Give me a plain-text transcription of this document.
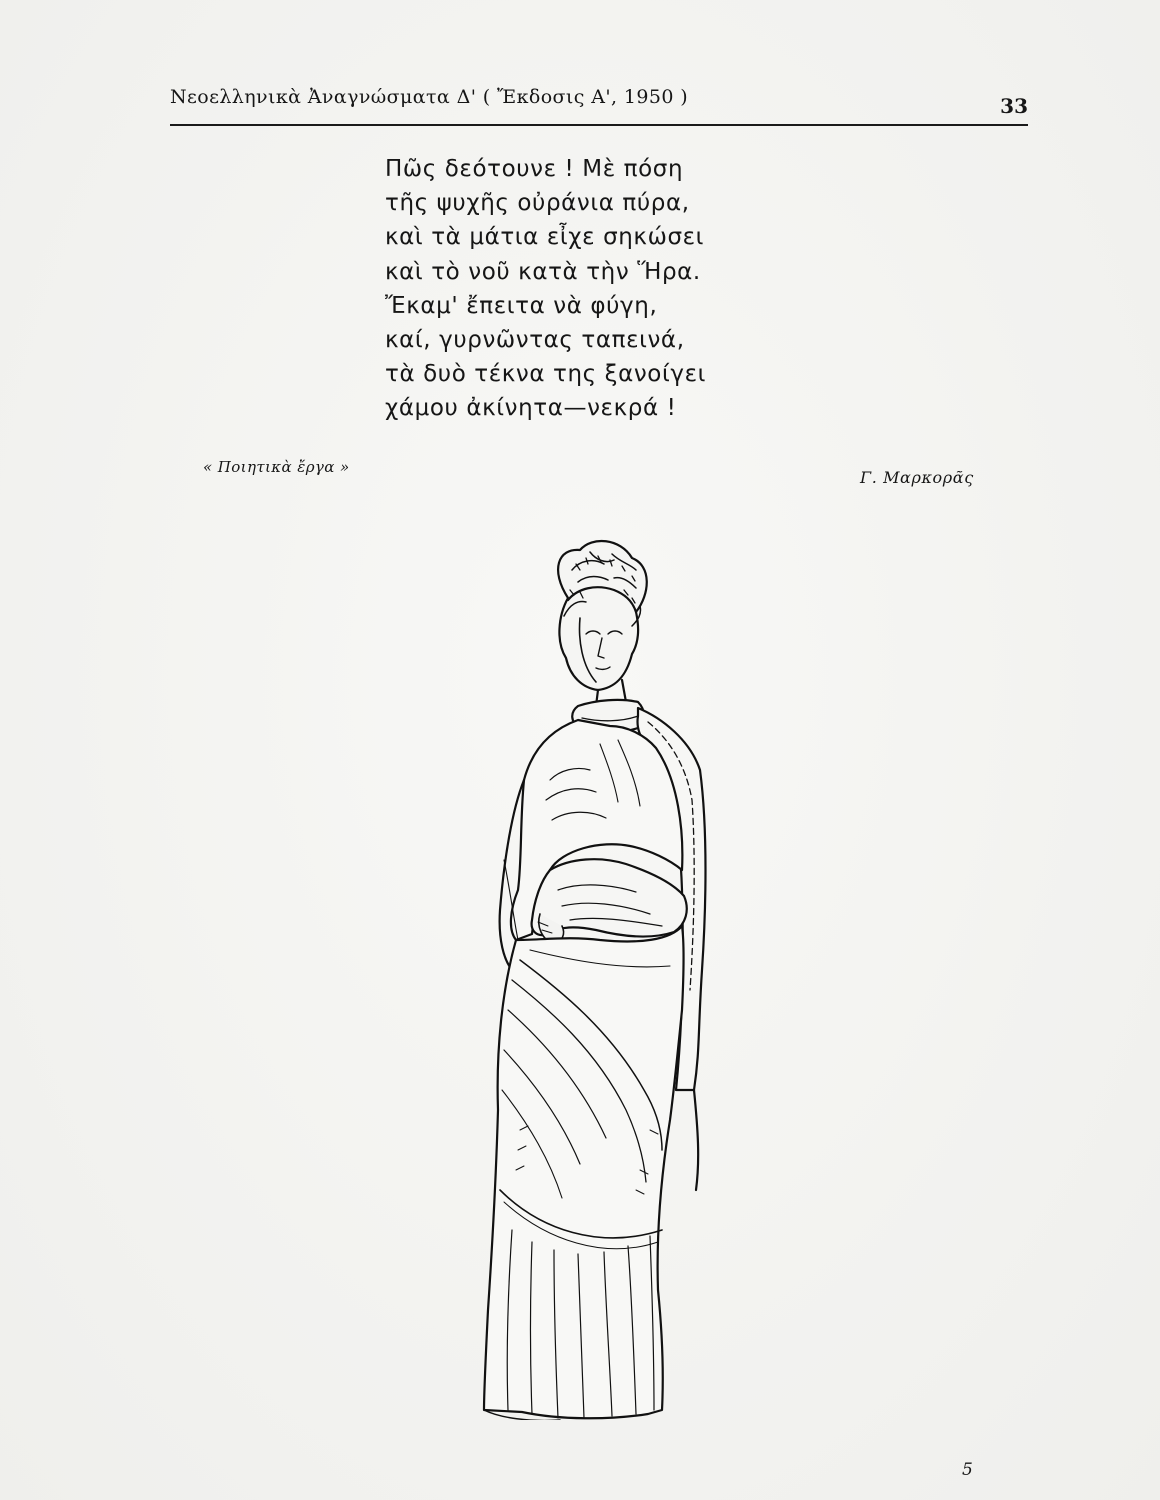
Νεοελληνικὰ Ἀναγνώσματα Δ' ( Ἔκδοσις Α', 1950 )	33
Πῶς δεότουνε ! Μὲ πόση
τῆς ψυχῆς οὐράνια πύρα,
καὶ τὰ μάτια εἶχε σηκώσει
καὶ τὸ νοῦ κατὰ τὴν Ἥρα.
Ἔκαμ' ἔπειτα νὰ φύγη,
καί, γυρνῶντας ταπεινά,
τὰ δυὸ τέκνα της ξανοίγει
χάμου ἀκίνητα—νεκρά !
« Ποιητικὰ ἔργα »
Γ. Μαρκορᾶς
5
